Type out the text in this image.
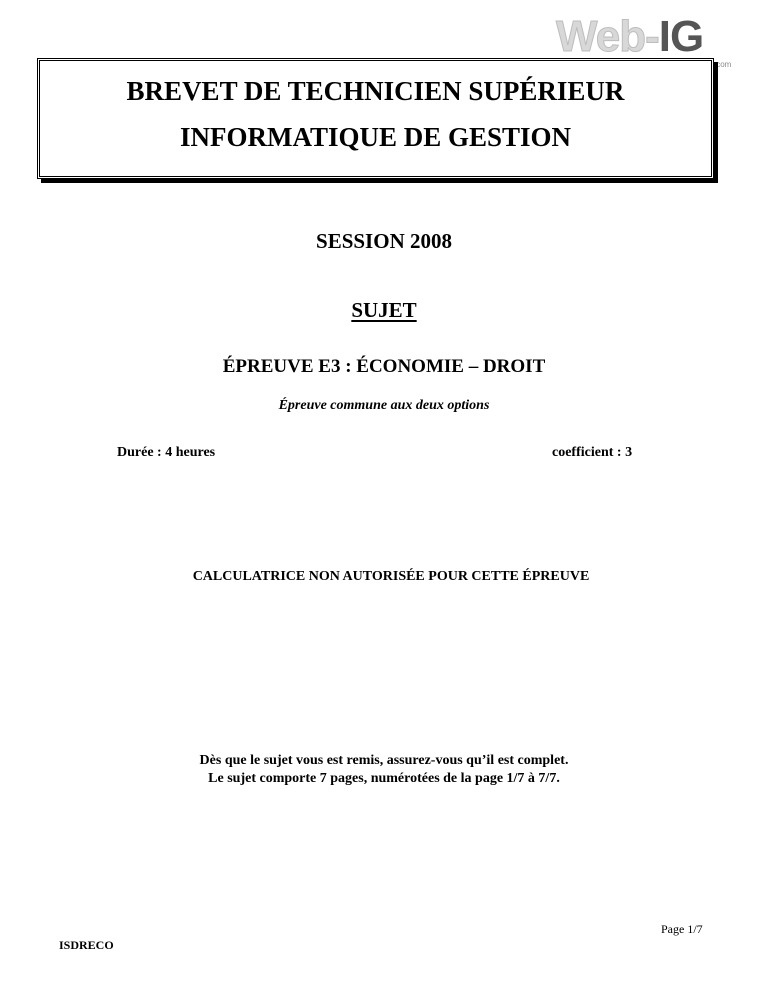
Web-IG
.com
BREVET DE TECHNICIEN SUPÉRIEUR
INFORMATIQUE DE GESTION
SESSION 2008
SUJET
ÉPREUVE E3 : ÉCONOMIE – DROIT
Épreuve commune aux deux options
Durée : 4 heures	coefficient : 3
CALCULATRICE NON AUTORISÉE POUR CETTE ÉPREUVE
Dès que le sujet vous est remis, assurez-vous qu’il est complet.
Le sujet comporte 7 pages, numérotées de la page 1/7 à 7/7.
Page 1/7
ISDRECO
